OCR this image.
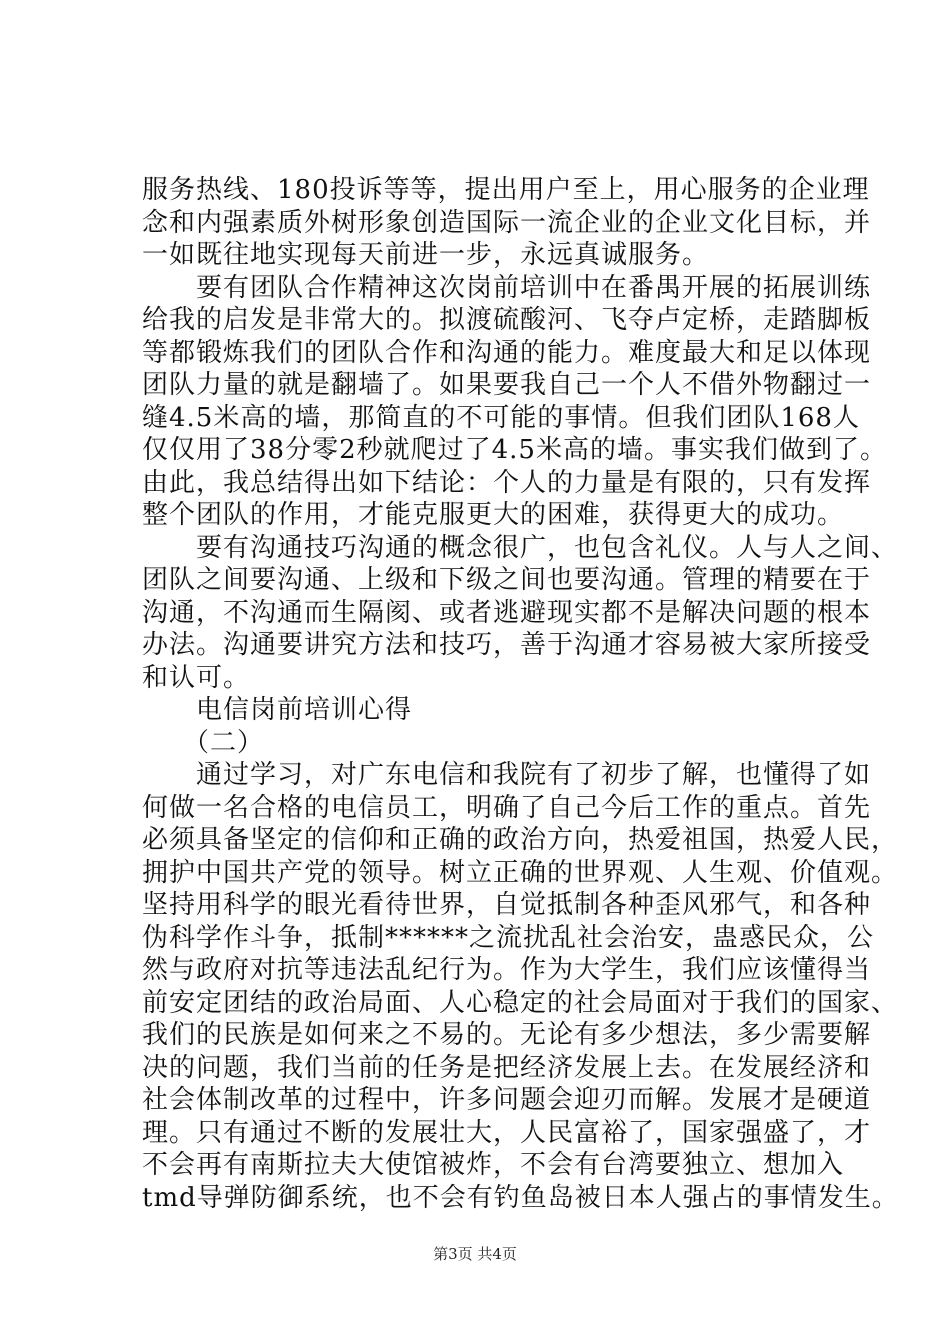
服务热线、180投诉等等，提出用户至上，用心服务的企业理
念和内强素质外树形象创造国际一流企业的企业文化目标，并
一如既往地实现每天前进一步，永远真诚服务。
　　要有团队合作精神这次岗前培训中在番禺开展的拓展训练
给我的启发是非常大的。拟渡硫酸河、飞夺卢定桥，走踏脚板
等都锻炼我们的团队合作和沟通的能力。难度最大和足以体现
团队力量的就是翻墙了。如果要我自己一个人不借外物翻过一
缝4.5米高的墙，那简直的不可能的事情。但我们团队168人
仅仅用了38分零2秒就爬过了4.5米高的墙。事实我们做到了。
由此，我总结得出如下结论：个人的力量是有限的，只有发挥
整个团队的作用，才能克服更大的困难，获得更大的成功。
　　要有沟通技巧沟通的概念很广，也包含礼仪。人与人之间、
团队之间要沟通、上级和下级之间也要沟通。管理的精要在于
沟通，不沟通而生隔阂、或者逃避现实都不是解决问题的根本
办法。沟通要讲究方法和技巧，善于沟通才容易被大家所接受
和认可。
　　电信岗前培训心得
　　（二）
　　通过学习，对广东电信和我院有了初步了解，也懂得了如
何做一名合格的电信员工，明确了自己今后工作的重点。首先
必须具备坚定的信仰和正确的政治方向，热爱祖国，热爱人民，
拥护中国共产党的领导。树立正确的世界观、人生观、价值观。
坚持用科学的眼光看待世界，自觉抵制各种歪风邪气，和各种
伪科学作斗争，抵制******之流扰乱社会治安，蛊惑民众，公
然与政府对抗等违法乱纪行为。作为大学生，我们应该懂得当
前安定团结的政治局面、人心稳定的社会局面对于我们的国家、
我们的民族是如何来之不易的。无论有多少想法，多少需要解
决的问题，我们当前的任务是把经济发展上去。在发展经济和
社会体制改革的过程中，许多问题会迎刃而解。发展才是硬道
理。只有通过不断的发展壮大，人民富裕了，国家强盛了，才
不会再有南斯拉夫大使馆被炸，不会有台湾要独立、想加入
tmd导弹防御系统，也不会有钓鱼岛被日本人强占的事情发生。
第3页 共4页
